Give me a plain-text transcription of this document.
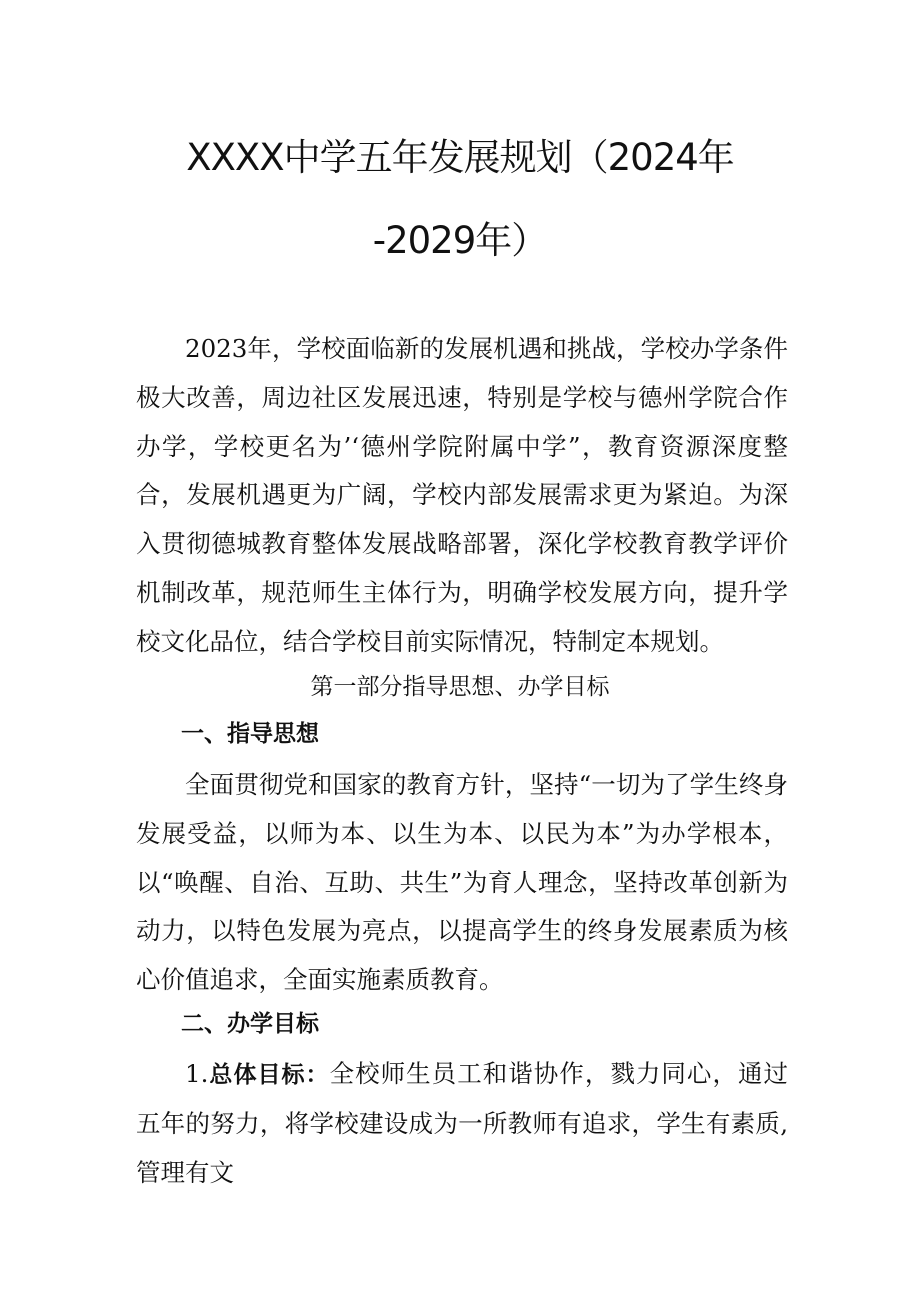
XXXX中学五年发展规划（2024年
-2029年）

2023年，学校面临新的发展机遇和挑战，学校办学条件极大改善，周边社区发展迅速，特别是学校与德州学院合作办学，学校更名为’‘德州学院附属中学”，教育资源深度整合，发展机遇更为广阔，学校内部发展需求更为紧迫。为深入贯彻德城教育整体发展战略部署，深化学校教育教学评价机制改革，规范师生主体行为，明确学校发展方向，提升学校文化品位，结合学校目前实际情况，特制定本规划。

第一部分指导思想、办学目标
一、指导思想

全面贯彻党和国家的教育方针，坚持“一切为了学生终身发展受益，以师为本、以生为本、以民为本”为办学根本，以“唤醒、自治、互助、共生”为育人理念，坚持改革创新为动力，以特色发展为亮点，以提高学生的终身发展素质为核心价值追求，全面实施素质教育。

二、办学目标

1.总体目标：全校师生员工和谐协作，戮力同心，通过五年的努力，将学校建设成为一所教师有追求，学生有素质,管理有文
